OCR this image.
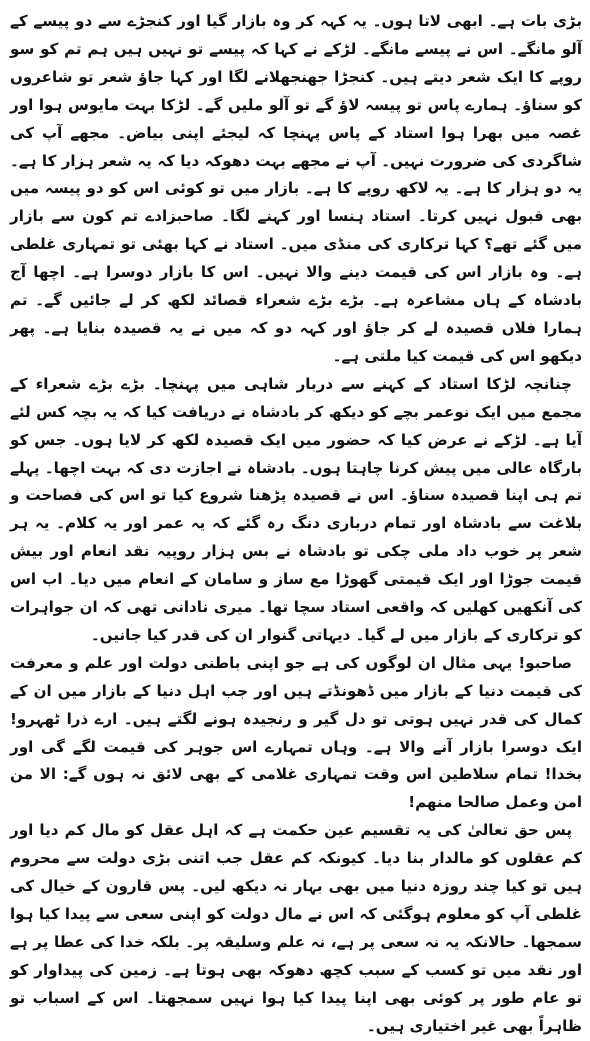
بڑی بات ہے۔ ابھی لاتا ہوں۔ یہ کہہ کر وہ بازار گیا اور کنجڑے سے دو پیسے کے آلو مانگے۔ اس نے پیسے مانگے۔ لڑکے نے کہا کہ پیسے تو نہیں ہیں ہم تم کو سو روپے کا ایک شعر دیتے ہیں۔ کنجڑا جھنجھلانے لگا اور کہا جاؤ شعر تو شاعروں کو سناؤ۔ ہمارے پاس تو پیسہ لاؤ گے تو آلو ملیں گے۔ لڑکا بہت مایوس ہوا اور غصہ میں بھرا ہوا استاد کے پاس پہنچا کہ لیجئے اپنی بیاض۔ مجھے آپ کی شاگردی کی ضرورت نہیں۔ آپ نے مجھے بہت دھوکہ دیا کہ یہ شعر ہزار کا ہے۔ یہ دو ہزار کا ہے۔ یہ لاکھ روپے کا ہے۔ بازار میں تو کوئی اس کو دو پیسہ میں بھی قبول نہیں کرتا۔ استاد ہنسا اور کہنے لگا۔ صاحبزادے تم کون سے بازار میں گئے تھے؟ کہا ترکاری کی منڈی میں۔ استاد نے کہا بھئی تو تمہاری غلطی ہے۔ وہ بازار اس کی قیمت دینے والا نہیں۔ اس کا بازار دوسرا ہے۔ اچھا آج بادشاہ کے ہاں مشاعرہ ہے۔ بڑے بڑے شعراء قصائد لکھ کر لے جائیں گے۔ تم ہمارا فلاں قصیدہ لے کر جاؤ اور کہہ دو کہ میں نے یہ قصیدہ بنایا ہے۔ پھر دیکھو اس کی قیمت کیا ملتی ہے۔

چنانچہ لڑکا استاد کے کہنے سے دربار شاہی میں پہنچا۔ بڑے بڑے شعراء کے مجمع میں ایک نوعمر بچے کو دیکھ کر بادشاہ نے دریافت کیا کہ یہ بچہ کس لئے آیا ہے۔ لڑکے نے عرض کیا کہ حضور میں ایک قصیدہ لکھ کر لایا ہوں۔ جس کو بارگاہ عالی میں پیش کرنا چاہتا ہوں۔ بادشاہ نے اجازت دی کہ بہت اچھا۔ پہلے تم ہی اپنا قصیدہ سناؤ۔ اس نے قصیدہ پڑھنا شروع کیا تو اس کی فصاحت و بلاغت سے بادشاہ اور تمام درباری دنگ رہ گئے کہ یہ عمر اور یہ کلام۔ یہ ہر شعر پر خوب داد ملی چکی تو بادشاہ نے بس ہزار روپیہ نقد انعام اور بیش قیمت جوڑا اور ایک قیمتی گھوڑا مع ساز و سامان کے انعام میں دیا۔ اب اس کی آنکھیں کھلیں کہ واقعی استاد سچا تھا۔ میری نادانی تھی کہ ان جواہرات کو ترکاری کے بازار میں لے گیا۔ دیہاتی گنوار ان کی قدر کیا جانیں۔

صاحبو! یہی مثال ان لوگوں کی ہے جو اپنی باطنی دولت اور علم و معرفت کی قیمت دنیا کے بازار میں ڈھونڈتے ہیں اور جب اہل دنیا کے بازار میں ان کے کمال کی قدر نہیں ہوتی تو دل گیر و رنجیدہ ہونے لگتے ہیں۔ ارے ذرا ٹھہرو! ایک دوسرا بازار آنے والا ہے۔ وہاں تمہارے اس جوہر کی قیمت لگے گی اور بخدا! تمام سلاطین اس وقت تمہاری غلامی کے بھی لائق نہ ہوں گے: الا من امن وعمل صالحا منھم!

پس حق تعالیٰ کی یہ تقسیم عین حکمت ہے کہ اہل عقل کو مال کم دیا اور کم عقلوں کو مالدار بنا دیا۔ کیونکہ کم عقل جب اتنی بڑی دولت سے محروم ہیں تو کیا چند روزہ دنیا میں بھی بہار نہ دیکھ لیں۔ پس قارون کے خیال کی غلطی آپ کو معلوم ہوگئی کہ اس نے مال دولت کو اپنی سعی سے پیدا کیا ہوا سمجھا۔ حالانکہ یہ نہ سعی پر ہے، نہ علم وسلیقہ پر۔ بلکہ خدا کی عطا پر ہے اور نقد میں تو کسب کے سبب کچھ دھوکہ بھی ہوتا ہے۔ زمین کی پیداوار کو تو عام طور پر کوئی بھی اپنا پیدا کیا ہوا نہیں سمجھتا۔ اس کے اسباب تو ظاہراً بھی غیر اختیاری ہیں۔
